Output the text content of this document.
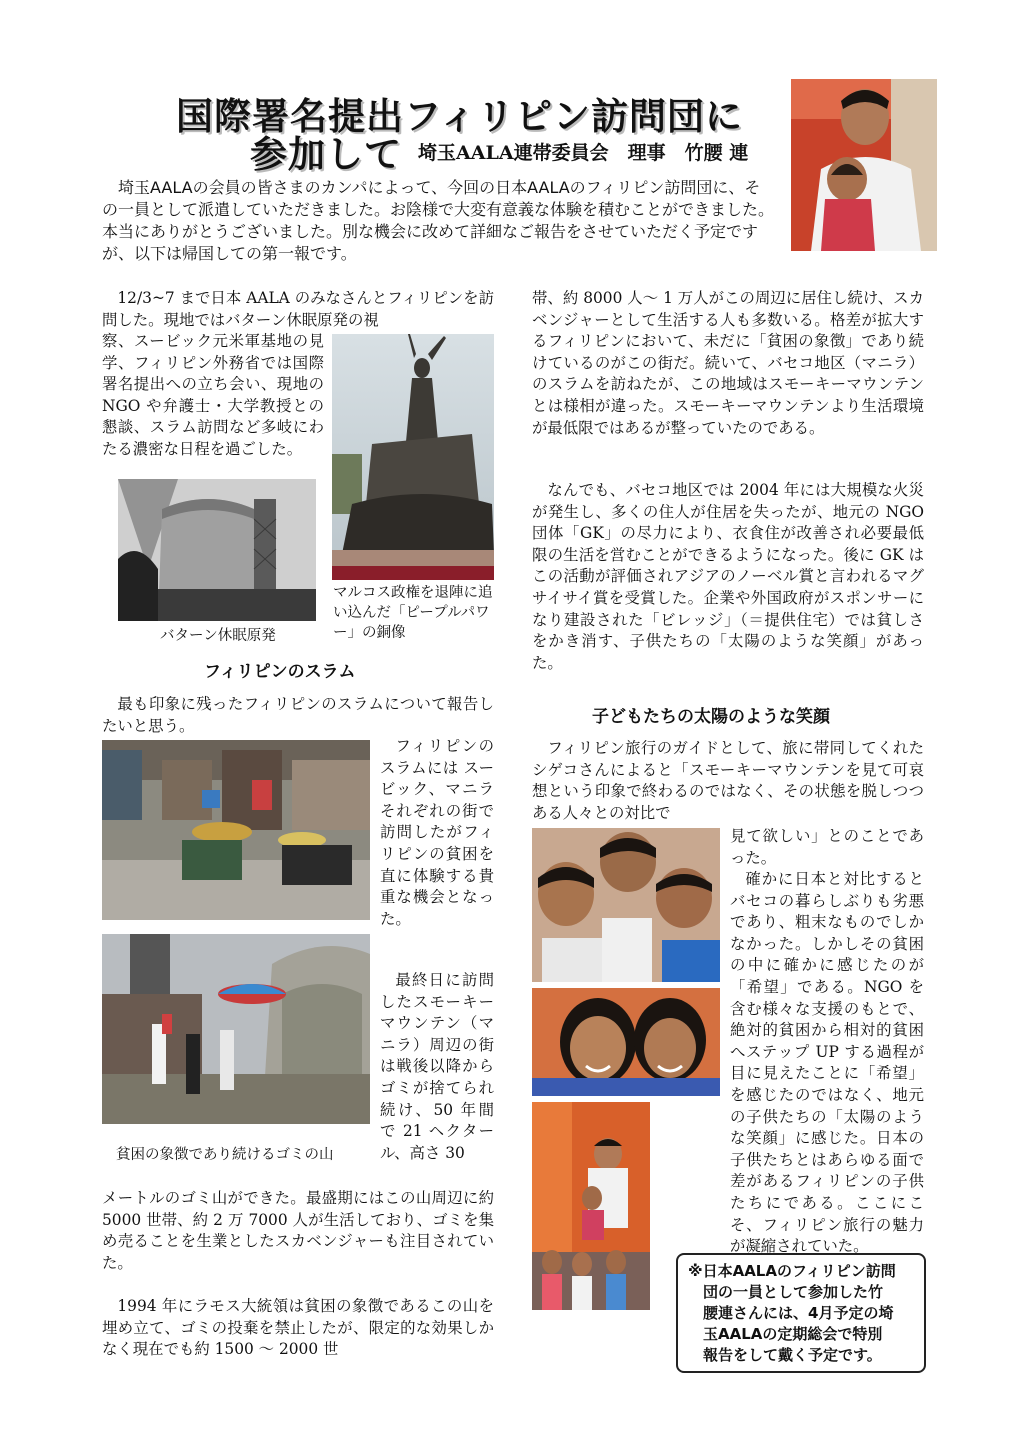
国際署名提出フィリピン訪問団に
参加して 埼玉AALA連帯委員会　理事　竹腰 連

埼玉AALAの会員の皆さまのカンパによって、今回の日本AALAのフィリピン訪問団に、その一員として派遣していただきました。お陰様で大変有意義な体験を積むことができました。本当にありがとうございました。別な機会に改めて詳細なご報告をさせていただく予定ですが、以下は帰国しての第一報です。

12/3~7 まで日本 AALA のみなさんとフィリピンを訪問した。現地ではバターン休眠原発の視

察、スービック元米軍基地の見学、フィリピン外務省では国際署名提出への立ち会い、現地の NGO や弁護士・大学教授との懇談、スラム訪問など多岐にわたる濃密な日程を過ごした。
バターン休眠原発
マルコス政権を退陣に追い込んだ「ピープルパワー」の銅像
フィリピンのスラム

最も印象に残ったフィリピンのスラムについて報告したいと思う。

フィリピンのスラムには スービック、マニラそれぞれの街で訪問したがフィリピンの貧困を直に体験する貴重な機会となった。

最終日に訪問したスモーキーマウンテン（マニラ）周辺の街は戦後以降からゴミが捨てられ続け、50 年間で 21 ヘクタール、高さ 30

貧困の象徴であり続けるゴミの山
メートルのゴミ山ができた。最盛期にはこの山周辺に約 5000 世帯、約 2 万 7000 人が生活しており、ゴミを集め売ることを生業としたスカベンジャーも注目されていた。

1994 年にラモス大統領は貧困の象徴であるこの山を埋め立て、ゴミの投棄を禁止したが、限定的な効果しかなく現在でも約 1500 ～ 2000 世

帯、約 8000 人～ 1 万人がこの周辺に居住し続け、スカベンジャーとして生活する人も多数いる。格差が拡大するフィリピンにおいて、未だに「貧困の象徴」であり続けているのがこの街だ。続いて、バセコ地区（マニラ）のスラムを訪ねたが、この地域はスモーキーマウンテンとは様相が違った。スモーキーマウンテンより生活環境が最低限ではあるが整っていたのである。

なんでも、バセコ地区では 2004 年には大規模な火災が発生し、多くの住人が住居を失ったが、地元の NGO 団体「GK」の尽力により、衣食住が改善され必要最低限の生活を営むことができるようになった。後に GK はこの活動が評価されアジアのノーベル賞と言われるマグサイサイ賞を受賞した。企業や外国政府がスポンサーになり建設された「ビレッジ」（＝提供住宅）では貧しさをかき消す、子供たちの「太陽のような笑顔」があった。

子どもたちの太陽のような笑顔

フィリピン旅行のガイドとして、旅に帯同してくれたシゲコさんによると「スモーキーマウンテンを見て可哀想という印象で終わるのではなく、その状態を脱しつつある人々との対比で

見て欲しい」とのことであった。

確かに日本と対比するとバセコの暮らしぶりも劣悪であり、粗末なものでしかなかった。しかしその貧困の中に確かに感じたのが「希望」である。NGO を含む様々な支援のもとで、絶対的貧困から相対的貧困へステップ UP する過程が目に見えたことに「希望」を感じたのではなく、地元の子供たちの「太陽のような笑顔」に感じた。日本の子供たちとはあらゆる面で差があるフィリピンの子供たちにである。ここにこそ、フィリピン旅行の魅力が凝縮されていた。

※日本AALAのフィリピン訪問
団の一員として参加した竹
腰連さんには、4月予定の埼
玉AALAの定期総会で特別
報告をして戴く予定です。
